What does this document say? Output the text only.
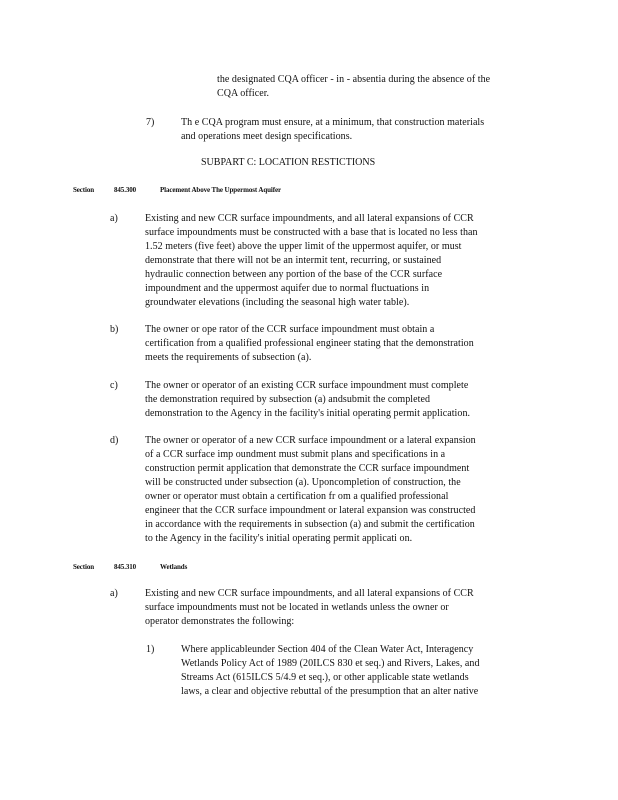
the designated CQA officer - in - absentia during the absence of the
CQA officer.
7)	Th e CQA program must ensure, at a minimum, that construction materials
and operations meet design specifications.
SUBPART C: LOCATION RESTICTIONS
Section	845.300	Placement Above The Uppermost Aquifer
a)	Existing and new CCR surface impoundments, and all lateral expansions of CCR
surface impoundments must be constructed with a base that is located no less than
1.52 meters (five feet) above the upper limit of the uppermost aquifer, or must
demonstrate that there will not be an intermit tent, recurring, or sustained
hydraulic connection between any portion of the base of the CCR surface
impoundment and the uppermost aquifer due to normal fluctuations in
groundwater elevations (including the seasonal high water table).
b)	The owner or ope rator of the CCR surface impoundment must obtain a
certification from a qualified professional engineer stating that the demonstration
meets the requirements of subsection (a).
c)	The owner or operator of an existing CCR surface impoundment must complete
the demonstration required by subsection (a) andsubmit the completed
demonstration to the Agency in the facility's initial operating permit application.
d)	The owner or operator of a new CCR surface impoundment or a lateral expansion
of a CCR surface imp oundment must submit plans and specifications in a
construction permit application that demonstrate the CCR surface impoundment
will be constructed under subsection (a). Uponcompletion of construction, the
owner or operator must obtain a certification fr om a qualified professional
engineer that the CCR surface impoundment or lateral expansion was constructed
in accordance with the requirements in subsection (a) and submit the certification
to the Agency in the facility's initial operating permit applicati on.
Section	845.310	Wetlands
a)	Existing and new CCR surface impoundments, and all lateral expansions of CCR
surface impoundments must not be located in wetlands unless the owner or
operator demonstrates the following:
1)	Where applicableunder Section 404 of the Clean Water Act, Interagency
Wetlands Policy Act of 1989 (20ILCS 830 et seq.) and Rivers, Lakes, and
Streams Act (615ILCS 5/4.9 et seq.), or other applicable state wetlands
laws, a clear and objective rebuttal of the presumption that an alter native
